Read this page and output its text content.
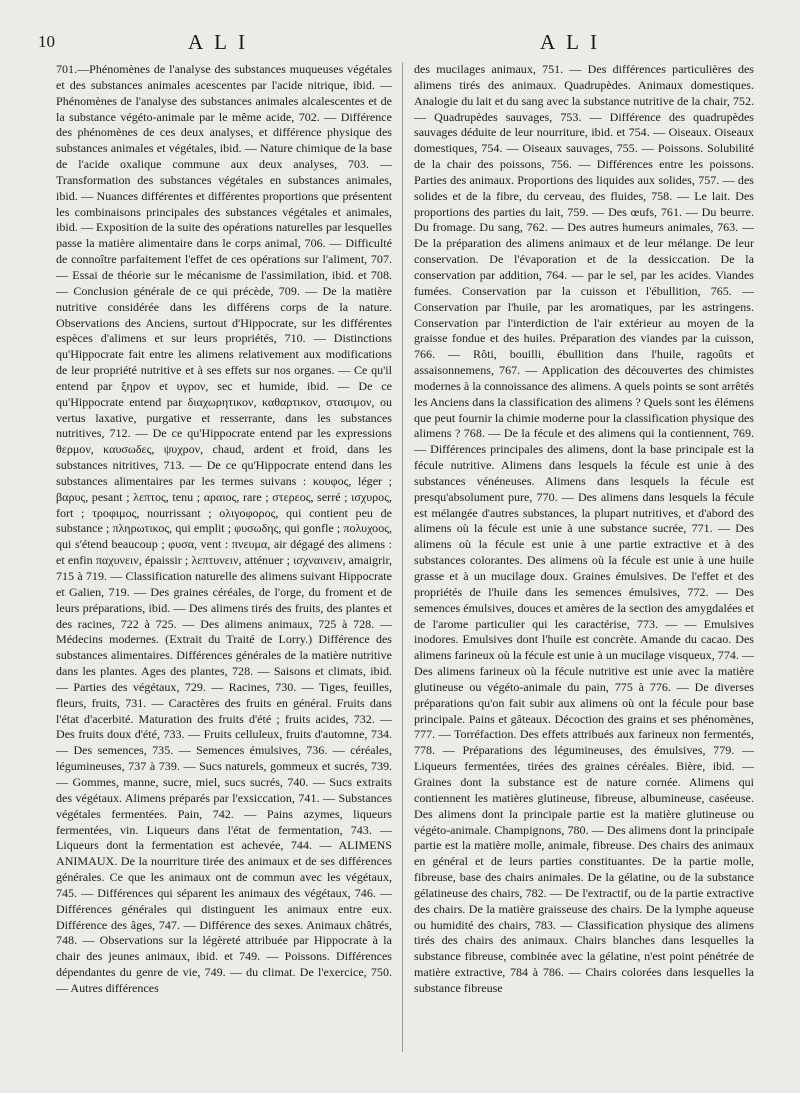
10	ALI	ALI
701.—Phénomènes de l'analyse des substances muqueuses végétales et des substances animales acescentes par l'acide nitrique, ibid. — Phénomènes de l'analyse des substances animales alcalescentes et de la substance végéto-animale par le même acide, 702. — Différence des phénomènes de ces deux analyses, et différence physique des substances animales et végétales, ibid. — Nature chimique de la base de l'acide oxalique commune aux deux analyses, 703. — Transformation des substances végétales en substances animales, ibid. — Nuances différentes et différentes proportions que présentent les combinaisons principales des substances végétales et animales, ibid. — Exposition de la suite des opérations naturelles par lesquelles passe la matière alimentaire dans le corps animal, 706. — Difficulté de connoître parfaitement l'effet de ces opérations sur l'aliment, 707. — Essai de théorie sur le mécanisme de l'assimilation, ibid. et 708. — Conclusion générale de ce qui précède, 709. — De la matière nutritive considérée dans les différens corps de la nature. Observations des Anciens, surtout d'Hippocrate, sur les différentes espèces d'alimens et sur leurs propriétés, 710. — Distinctions qu'Hippocrate fait entre les alimens relativement aux modifications de leur propriété nutritive et à ses effets sur nos organes. — Ce qu'il entend par ξηρον et υγρον, sec et humide, ibid. — De ce qu'Hippocrate entend par διαχωρητικον, καθαρτικον, στασιμον, ou vertus laxative, purgative et resserrante, dans les substances nutritives, 712. — De ce qu'Hippocrate entend par les expressions θερμον, καυσωδες, ψυχρον, chaud, ardent et froid, dans les substances nitritives, 713. — De ce qu'Hippocrate entend dans les substances alimentaires par les termes suivans : κουφος, léger ; βαρυς, pesant ; λεπτος, tenu ; αραιος, rare ; στερεος, serré ; ισχυρος, fort ; τροφιμος, nourrissant ; ολιγοφορος, qui contient peu de substance ; πληρωτικος, qui emplit ; φυσωδης, qui gonfle ; πολυχοος, qui s'étend beaucoup ; φυσα, vent : πνευμα, air dégagé des alimens : et enfin παχυνειν, épaissir ; λεπτυνειν, atténuer ; ισχναινειν, amaigrir, 715 à 719. — Classification naturelle des alimens suivant Hippocrate et Galien, 719. — Des graines céréales, de l'orge, du froment et de leurs préparations, ibid. — Des alimens tirés des fruits, des plantes et des racines, 722 à 725. — Des alimens animaux, 725 à 728. — Médecins modernes. (Extrait du Traité de Lorry.) Différence des substances alimentaires. Différences générales de la matière nutritive dans les plantes. Ages des plantes, 728. — Saisons et climats, ibid. — Parties des végétaux, 729. — Racines, 730. — Tiges, feuilles, fleurs, fruits, 731. — Caractères des fruits en général. Fruits dans l'état d'acerbité. Maturation des fruits d'été ; fruits acides, 732. — Des fruits doux d'été, 733. — Fruits celluleux, fruits d'automne, 734. — Des semences, 735. — Semences émulsives, 736. — céréales, légumineuses, 737 à 739. — Sucs naturels, gommeux et sucrés, 739. — Gommes, manne, sucre, miel, sucs sucrés, 740. — Sucs extraits des végétaux. Alimens préparés par l'exsiccation, 741. — Substances végétales fermentées. Pain, 742. — Pains azymes, liqueurs fermentées, vin. Liqueurs dans l'état de fermentation, 743. — Liqueurs dont la fermentation est achevée, 744. — ALIMENS ANIMAUX. De la nourriture tirée des animaux et de ses différences générales. Ce que les animaux ont de commun avec les végétaux, 745. — Différences qui séparent les animaux des végétaux, 746. — Différences générales qui distinguent les animaux entre eux. Différence des âges, 747. — Différence des sexes. Animaux châtrés, 748. — Observations sur la légèreté attribuée par Hippocrate à la chair des jeunes animaux, ibid. et 749. — Poissons. Différences dépendantes du genre de vie, 749. — du climat. De l'exercice, 750. — Autres différences
des mucilages animaux, 751. — Des différences particulières des alimens tirés des animaux. Quadrupèdes. Animaux domestiques. Analogie du lait et du sang avec la substance nutritive de la chair, 752. — Quadrupèdes sauvages, 753. — Différence des quadrupèdes sauvages déduite de leur nourriture, ibid. et 754. — Oiseaux. Oiseaux domestiques, 754. — Oiseaux sauvages, 755. — Poissons. Solubilité de la chair des poissons, 756. — Différences entre les poissons. Parties des animaux. Proportions des liquides aux solides, 757. — des solides et de la fibre, du cerveau, des fluides, 758. — Le lait. Des proportions des parties du lait, 759. — Des œufs, 761. — Du beurre. Du fromage. Du sang, 762. — Des autres humeurs animales, 763. — De la préparation des alimens animaux et de leur mélange. De leur conservation. De l'évaporation et de la dessiccation. De la conservation par addition, 764. — par le sel, par les acides. Viandes fumées. Conservation par la cuisson et l'ébullition, 765. — Conservation par l'huile, par les aromatiques, par les astringens. Conservation par l'interdiction de l'air extérieur au moyen de la graisse fondue et des huiles. Préparation des viandes par la cuisson, 766. — Rôti, bouilli, ébullition dans l'huile, ragoûts et assaisonnemens, 767. — Application des découvertes des chimistes modernes à la connoissance des alimens. A quels points se sont arrêtés les Anciens dans la classification des alimens ? Quels sont les élémens que peut fournir la chimie moderne pour la classification physique des alimens ? 768. — De la fécule et des alimens qui la contiennent, 769. — Différences principales des alimens, dont la base principale est la fécule nutritive. Alimens dans lesquels la fécule est unie à des substances vénéneuses. Alimens dans lesquels la fécule est presqu'absolument pure, 770. — Des alimens dans lesquels la fécule est mélangée d'autres substances, la plupart nutritives, et d'abord des alimens où la fécule est unie à une substance sucrée, 771. — Des alimens où la fécule est unie à une partie extractive et à des substances colorantes. Des alimens où la fécule est unie à une huile grasse et à un mucilage doux. Graines émulsives. De l'effet et des propriétés de l'huile dans les semences émulsives, 772. — Des semences émulsives, douces et amères de la section des amygdalées et de l'arome particulier qui les caractérise, 773. — — Emulsives inodores. Emulsives dont l'huile est concrète. Amande du cacao. Des alimens farineux où la fécule est unie à un mucilage visqueux, 774. — Des alimens farineux où la fécule nutritive est unie avec la matière glutineuse ou végéto-animale du pain, 775 à 776. — De diverses préparations qu'on fait subir aux alimens où ont la fécule pour base principale. Pains et gâteaux. Décoction des grains et ses phénomènes, 777. — Torréfaction. Des effets attribués aux farineux non fermentés, 778. — Préparations des légumineuses, des émulsives, 779. — Liqueurs fermentées, tirées des graines céréales. Bière, ibid. — Graines dont la substance est de nature cornée. Alimens qui contiennent les matières glutineuse, fibreuse, albumineuse, caséeuse. Des alimens dont la principale partie est la matière glutineuse ou végéto-animale. Champignons, 780. — Des alimens dont la principale partie est la matière molle, animale, fibreuse. Des chairs des animaux en général et de leurs parties constituantes. De la partie molle, fibreuse, base des chairs animales. De la gélatine, ou de la substance gélatineuse des chairs, 782. — De l'extractif, ou de la partie extractive des chairs. De la matière graisseuse des chairs. De la lymphe aqueuse ou humidité des chairs, 783. — Classification physique des alimens tirés des chairs des animaux. Chairs blanches dans lesquelles la substance fibreuse, combinée avec la gélatine, n'est point pénétrée de matière extractive, 784 à 786. — Chairs colorées dans lesquelles la substance fibreuse
